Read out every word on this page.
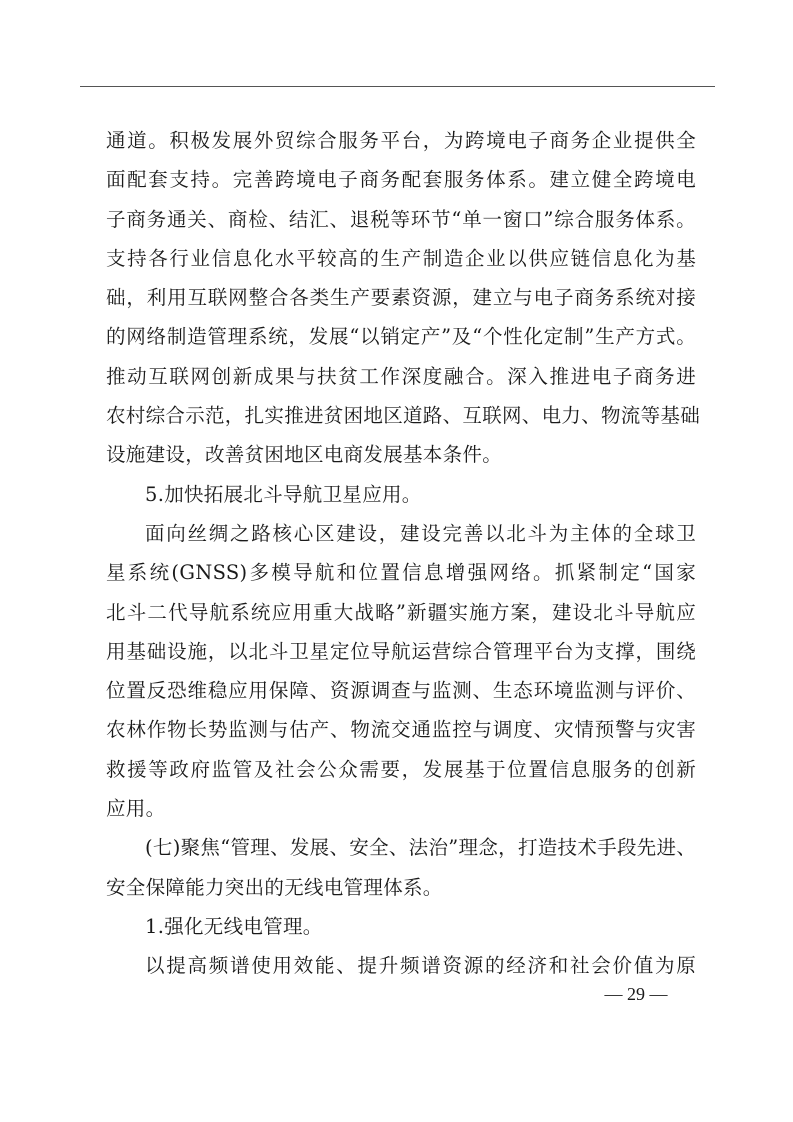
通道。积极发展外贸综合服务平台，为跨境电子商务企业提供全
面配套支持。完善跨境电子商务配套服务体系。建立健全跨境电
子商务通关、商检、结汇、退税等环节“单一窗口”综合服务体系。
支持各行业信息化水平较高的生产制造企业以供应链信息化为基
础，利用互联网整合各类生产要素资源，建立与电子商务系统对接
的网络制造管理系统，发展“以销定产”及“个性化定制”生产方式。
推动互联网创新成果与扶贫工作深度融合。深入推进电子商务进
农村综合示范，扎实推进贫困地区道路、互联网、电力、物流等基础
设施建设，改善贫困地区电商发展基本条件。
5.加快拓展北斗导航卫星应用。
面向丝绸之路核心区建设，建设完善以北斗为主体的全球卫
星系统(GNSS)多模导航和位置信息增强网络。抓紧制定“国家
北斗二代导航系统应用重大战略”新疆实施方案，建设北斗导航应
用基础设施，以北斗卫星定位导航运营综合管理平台为支撑，围绕
位置反恐维稳应用保障、资源调查与监测、生态环境监测与评价、
农林作物长势监测与估产、物流交通监控与调度、灾情预警与灾害
救援等政府监管及社会公众需要，发展基于位置信息服务的创新
应用。
(七)聚焦“管理、发展、安全、法治”理念，打造技术手段先进、
安全保障能力突出的无线电管理体系。
1.强化无线电管理。
以提高频谱使用效能、提升频谱资源的经济和社会价值为原
— 29 —
